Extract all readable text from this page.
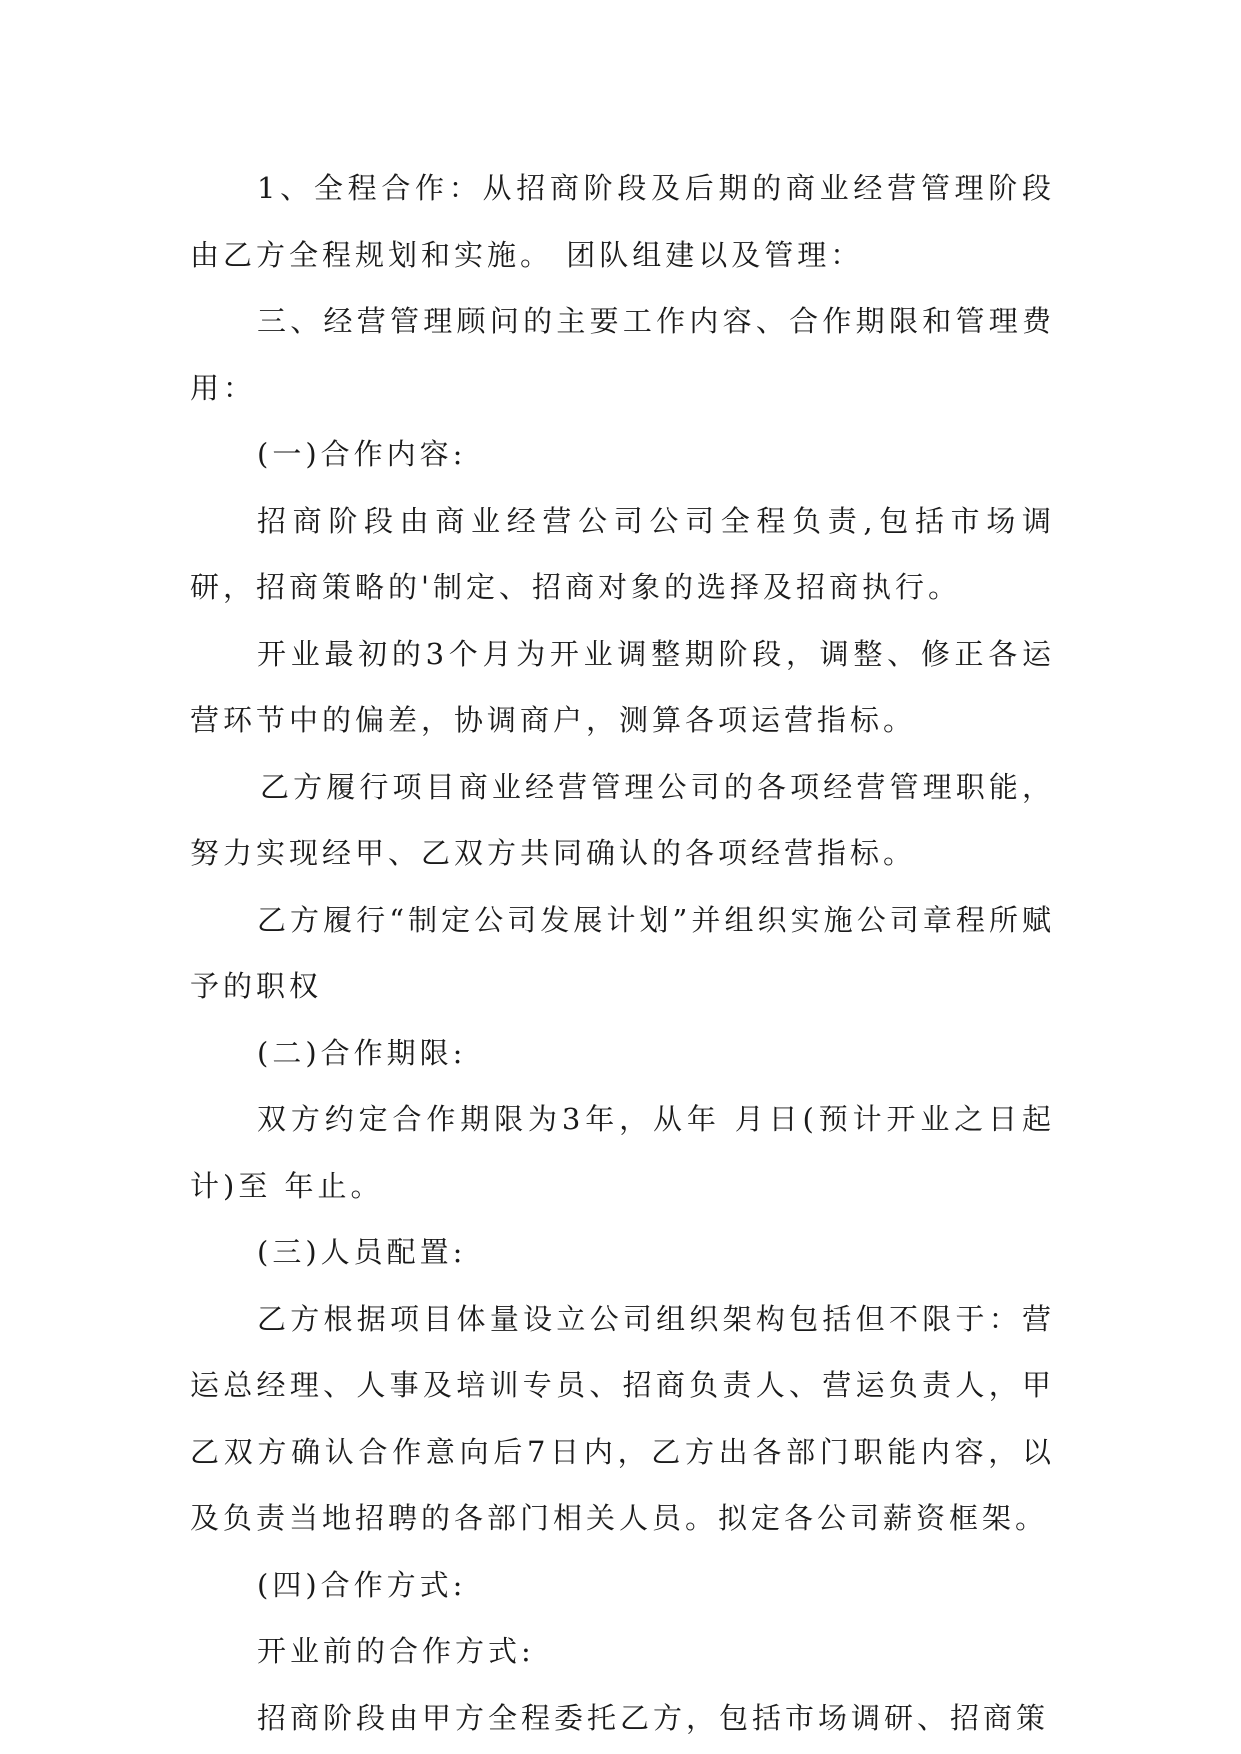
1、全程合作：从招商阶段及后期的商业经营管理阶段由乙方全程规划和实施。 团队组建以及管理：

三、经营管理顾问的主要工作内容、合作期限和管理费用：

(一)合作内容:

招商阶段由商业经营公司公司全程负责,包括市场调研，招商策略的'制定、招商对象的选择及招商执行。

开业最初的3个月为开业调整期阶段，调整、修正各运营环节中的偏差，协调商户，测算各项运营指标。

乙方履行项目商业经营管理公司的各项经营管理职能，努力实现经甲、乙双方共同确认的各项经营指标。

乙方履行“制定公司发展计划”并组织实施公司章程所赋予的职权

(二)合作期限:

双方约定合作期限为3年，从年 月日(预计开业之日起计)至 年止。

(三)人员配置:

乙方根据项目体量设立公司组织架构包括但不限于：营运总经理、人事及培训专员、招商负责人、营运负责人，甲乙双方确认合作意向后7日内，乙方出各部门职能内容，以及负责当地招聘的各部门相关人员。拟定各公司薪资框架。

(四)合作方式:

开业前的合作方式:

招商阶段由甲方全程委托乙方，包括市场调研、招商策
